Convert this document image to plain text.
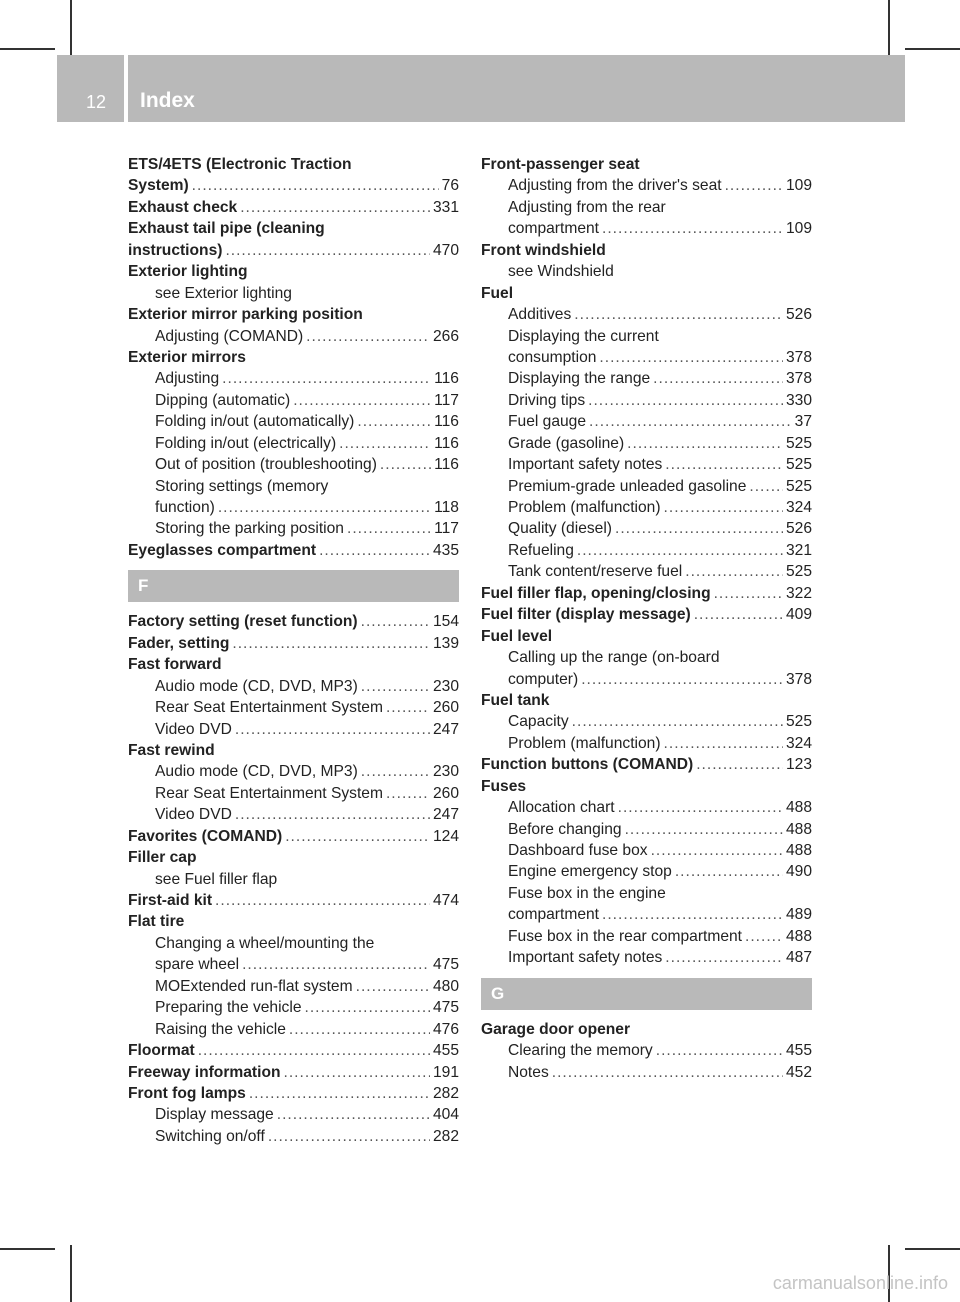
12 Index
ETS/4ETS (Electronic Traction
System) .....	76
Exhaust check .....	331
Exhaust tail pipe (cleaning
instructions) .....	470
Exterior lighting
see Exterior lighting
Exterior mirror parking position
Adjusting (COMAND) .....	266
Exterior mirrors
Adjusting .....	116
Dipping (automatic) .....	117
Folding in/out (automatically) .....	116
Folding in/out (electrically) .....	116
Out of position (troubleshooting) .....	116
Storing settings (memory
function) .....	118
Storing the parking position .....	117
Eyeglasses compartment .....	435
F
Factory setting (reset function) .....	154
Fader, setting .....	139
Fast forward
Audio mode (CD, DVD, MP3) .....	230
Rear Seat Entertainment System .....	260
Video DVD .....	247
Fast rewind
Audio mode (CD, DVD, MP3) .....	230
Rear Seat Entertainment System .....	260
Video DVD .....	247
Favorites (COMAND) .....	124
Filler cap
see Fuel filler flap
First-aid kit .....	474
Flat tire
Changing a wheel/mounting the
spare wheel .....	475
MOExtended run-flat system .....	480
Preparing the vehicle .....	475
Raising the vehicle .....	476
Floormat .....	455
Freeway information .....	191
Front fog lamps .....	282
Display message .....	404
Switching on/off .....	282
Front-passenger seat
Adjusting from the driver's seat .....	109
Adjusting from the rear
compartment .....	109
Front windshield
see Windshield
Fuel
Additives .....	526
Displaying the current
consumption .....	378
Displaying the range .....	378
Driving tips .....	330
Fuel gauge .....	37
Grade (gasoline) .....	525
Important safety notes .....	525
Premium-grade unleaded gasoline .....	525
Problem (malfunction) .....	324
Quality (diesel) .....	526
Refueling .....	321
Tank content/reserve fuel .....	525
Fuel filler flap, opening/closing .....	322
Fuel filter (display message) .....	409
Fuel level
Calling up the range (on-board
computer) .....	378
Fuel tank
Capacity .....	525
Problem (malfunction) .....	324
Function buttons (COMAND) .....	123
Fuses
Allocation chart .....	488
Before changing .....	488
Dashboard fuse box .....	488
Engine emergency stop .....	490
Fuse box in the engine
compartment .....	489
Fuse box in the rear compartment .....	488
Important safety notes .....	487
G
Garage door opener
Clearing the memory .....	455
Notes .....	452
carmanualsonline.info
